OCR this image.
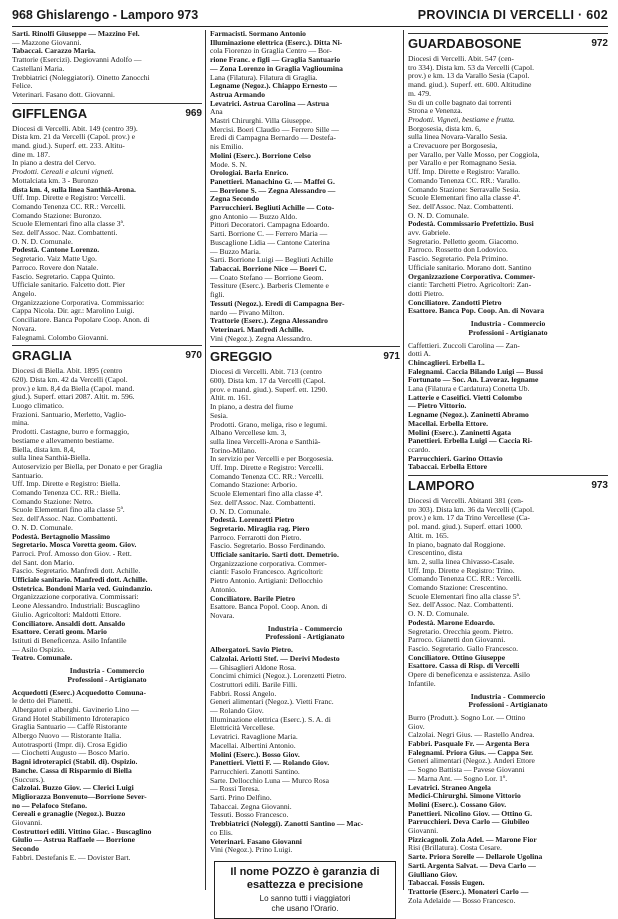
968 Ghislarengo - Lamporo 973	PROVINCIA DI VERCELLI · 602
Sarti. Rinolfi Giuseppe — Mazzino Fel.
— Mazzone Giovanni.
Tabaccai. Carazzo Maria.
Trattorie (Esercizi). Degiovanni Adolfo —
Castellani Maria.
Trebbiatrici (Noleggiatori). Oinetto Zanocchi
Felice.
Veterinari. Fasano dott. Giovanni.
GIFFLENGA	969
Diocesi di Vercelli. Abit. 149 (centro 39).
Dista km. 21 da Vercelli (Capol. prov.) e
mand. giud.). Superf. ett. 233. Altitu-
dine m. 187.
In piano a destra del Cervo.
Prodotti. Cereali e alcuni vigneti.
Mottalciata km. 3 - Buronzo
dista km. 4, sulla linea Santhià-Arona.
Uff. Imp. Dirette e Registro: Vercelli.
Comando Tenenza CC. RR.: Vercelli.
Comando Stazione: Buronzo.
Scuole Elementari fino alla classe 3ª.
Sez. dell'Assoc. Naz. Combattenti.
O. N. D. Comunale.
Podestà. Cantone Lorenzo.
Segretario. Vaiz Matte Ugo.
Parroco. Rovere don Natale.
Fascio. Segretario. Cappa Quinto.
Ufficiale sanitario. Falcetto dott. Pier
Angelo.
Organizzazione Corporativa. Commissario:
Cappa Nicola. Dir. agr.: Marolino Luigi.
Conciliatore. Banca Popolare Coop. Anon. di
Novara.
Falegnami. Colombo Giovanni.
GRAGLIA	970
Diocesi di Biella. Abit. 1895 (centro
620). Dista km. 42 da Vercelli (Capol.
prov.) e km. 8,4 da Biella (Capol. mand.
giud.). Superf. ettari 2087. Altit. m. 596.
Luogo climatico.
Frazioni. Santuario, Merletto, Vaglio-
mina.
Prodotti. Castagne, burro e formaggio,
bestiame e allevamento bestiame.
Biella, dista km. 8,4,
sulla linea Santhià-Biella.
Autoservizio per Biella, per Donato e per Graglia
Santuario.
Uff. Imp. Dirette e Registro: Biella.
Comando Tenenza CC. RR.: Biella.
Comando Stazione: Netro.
Scuole Elementari fino alla classe 5ª.
Sez. dell'Assoc. Naz. Combattenti.
O. N. D. Comunale.
Podestà. Bertagnolio Massimo
Segretario. Mosca Voretta geom. Giov.
Parroci. Prof. Amosso don Giov. - Rett.
del Sant. don Mario.
Fascio. Segretario. Manfredi dott. Achille.
Ufficiale sanitario. Manfredi dott. Achille.
Ostetrica. Bondoni Maria ved. Guindanzio.
Organizzazione corporativa. Commissari:
Leone Alessandro. Industriali: Buscaglino
Giulio. Agricoltori: Maldotti Ettore.
Conciliatore. Ansaldi dott. Ansaldo
Esattore. Cerati geom. Mario
Istituti di Beneficenza. Asilo Infantile
— Asilo Ospizio.
Teatro. Comunale.
Industria - Commercio
Professioni - Artigianato
Acquedotti (Eserc.) Acquedotto Comuna-
le detto dei Pianetti.
Albergatori e alberghi. Gavinerio Lino —
Grand Hotel Stabilimento Idroterapico
Graglia Santuario — Caffè Ristorante
Albergo Nuovo — Ristorante Italia.
Autotrasporti (Impr. di). Crosa Egidio
— Ciochetti Augusto — Bosco Mario.
Bagni idroterapici (Stabil. di). Ospizio.
Banche. Cassa di Risparmio di Biella
(Succurs.).
Calzolai. Buzzo Giov. — Clerici Luigi
Migliorazza Bonvenuto—Borrione Sever-
no — Pelafoco Stefano.
Cereali e granaglie (Negoz.). Buzzo
Giovanni.
Costruttori edili. Vittino Giac. - Buscaglino
Giulio — Astrua Raffaele — Borrione
Secondo
Fabbri. Destefanis E. — Dovister Bart.
Farmacisti. Sormano Antonio
Illuminazione elettrica (Eserc.). Ditta Ni-
cola Fiorenzo in Graglia Centro — Bor-
rione Franc. e figli — Graglia Santuario
— Zona Lorenzo in Graglia Vaglioumina
Lana (Filatura). Filatura di Graglia.
Legname (Negoz.). Chiappo Ernesto —
Astrua Armando
Levatrici. Astrua Carolina — Astrua
Ana
Mastri Chirurghi. Villa Giuseppe.
Mercisi. Boeri Claudio — Ferrero Sille —
Eredi di Campagna Bernardo — Destefa-
nis Emilio.
Molini (Eserc.). Borrione Celso
Mode. S. N.
Orologiai. Barla Enrico.
Panettieri. Manachino G. — Maffei G.
— Borrione S. — Zegna Alessandro —
Zegna Secondo
Parrucchieri. Begliuti Achille — Coto-
gno Antonio — Buzzo Aldo.
Pittori Decoratori. Campagna Edoardo.
Sarti. Borrione C. — Ferrero Maria —
Buscaglione Lidia — Cantone Caterina
— Buzzo Maria.
Sarti. Borrione Luigi — Begliuti Achille
Tabaccai. Borrione Nice — Boeri C.
— Coato Stefano — Borrione Geom.
Tessiture (Eserc.). Barberis Clemente e
figli.
Tessuti (Negoz.). Eredi di Campagna Ber-
nardo — Pivano Milton.
Trattorie (Eserc.). Zegna Alessandro
Veterinari. Manfredi Achille.
Vini (Negoz.). Zegna Alessandro.
GREGGIO	971
Diocesi di Vercelli. Abit. 713 (centro
600). Dista km. 17 da Vercelli (Capol.
prov. e mand. giud.). Superf. ett. 1290.
Altit. m. 161.
In piano, a destra del fiume
Sesia.
Prodotti. Grano, meliga, riso e legumi.
Albano Vercellese km. 3,
sulla linea Vercelli-Arona e Santhià-
Torino-Milano.
In servizio per Vercelli e per Borgosesia.
Uff. Imp. Dirette e Registro: Vercelli.
Comando Tenenza CC. RR.: Vercelli.
Comando Stazione: Arborio.
Scuole Elementari fino alla classe 4ª.
Sez. dell'Assoc. Naz. Combattenti.
O. N. D. Comunale.
Podestà. Lorenzetti Pietro
Segretario. Miraglia rag. Piero
Parroco. Ferrarotti don Pietro.
Fascio. Segretario. Bosso Ferdinando.
Ufficiale sanitario. Sarti dott. Demetrio.
Organizzazione corporativa. Commer-
cianti: Fasolo Francesco. Agricoltori:
Pietro Antonio. Artigiani: Dellocchio
Antonio.
Conciliatore. Barile Pietro
Esattore. Banca Popol. Coop. Anon. di
Novara.
Industria - Commercio
Professioni - Artigianato
Albergatori. Savio Pietro.
Calzolai. Ariotti Stef. — Derivi Modesto
— Ghisaglieri Aldone Rosa.
Concimi chimici (Negoz.). Lorenzetti Pietro.
Costruttori edili. Barile Filli.
Fabbri. Rossi Angelo.
Generi alimentari (Negoz.). Vietti Franc.
— Rolando Giov.
Illuminazione elettrica (Eserc.). S. A. di
Elettricità Vercellese.
Levatrici. Ravaglione Maria.
Macellai. Albertini Antonio.
Molini (Eserc.). Bosso Giov.
Panettieri. Vietti F. — Rolando Giov.
Parrucchieri. Zanotti Santino.
Sarte. Dellocchio Luna — Murco Rosa
— Rossi Teresa.
Sarti. Prino Delfino.
Tabaccai. Zegna Giovanni.
Tessuti. Bosso Francesco.
Trebbiatrici (Noleggi). Zanotti Santino — Mac-
co Elis.
Veterinari. Fasano Giovanni
Vini (Negoz.). Prino Luigi.
Il nome POZZO è garanzia di
esattezza e precisione
Lo sanno tutti i viaggiatori
che usano l'Orario.
GUARDABOSONE	972
Diocesi di Vercelli. Abit. 547 (cen-
tro 334). Dista km. 53 da Vercelli (Capol.
prov.) e km. 13 da Varallo Sesia (Capol.
mand. giud.). Superf. ett. 600. Altitudine
m. 479.
Su di un colle bagnato dai torrenti
Strona e Venenza.
Prodotti. Vigneti, bestiame e frutta.
Borgosesia, dista km. 6,
sulla linea Novara-Varallo Sesia.
a Crevacuore per Borgosesia,
per Varallo, per Valle Mosso, per Coggiola,
per Varallo e per Romagnano Sesia.
Uff. Imp. Dirette e Registro: Varallo.
Comando Tenenza CC. RR.: Varallo.
Comando Stazione: Serravalle Sesia.
Scuole Elementari fino alla classe 4ª.
Sez. dell'Assoc. Naz. Combattenti.
O. N. D. Comunale.
Podestà. Commissario Prefettizio. Busi
avv. Gabriele.
Segretario. Pelletto geom. Giacomo.
Parroco. Rossetto don Lodovico.
Fascio. Segretario. Pela Primino.
Ufficiale sanitario. Morano dott. Santino
Organizzazione Corporativa. Commer-
cianti: Tarchetti Pietro. Agricoltori: Zan-
dotti Pietro.
Conciliatore. Zandotti Pietro
Esattore. Banca Pop. Coop. An. di Novara
Industria - Commercio
Professioni - Artigianato
Caffettieri. Zuccoli Carolina — Zan-
dotti A.
Chincaglieri. Erbella L.
Falegnami. Caccia Bilando Luigi — Bussi
Fortunato — Soc. An. Lavoraz. legname
Lana (Filatura e Cardatura) Conetta Ub.
Latterie e Caseifici. Vietti Colombo
— Pietro Vittorio.
Legname (Negoz.). Zaninetti Abramo
Macellai. Erbella Ettore.
Molini (Eserc.). Zaninetti Agata
Panettieri. Erbella Luigi — Caccia Ri-
ccardo.
Parrucchieri. Garino Ottavio
Tabaccai. Erbella Ettore
LAMPORO	973
Diocesi di Vercelli. Abitanti 381 (cen-
tro 303). Dista km. 36 da Vercelli (Capol.
prov.) e km. 17 da Trino Vercellese (Ca-
pol. mand. giud.). Superf. ettari 1000.
Altit. m. 165.
In piano, bagnato dal Roggione.
Crescentino, dista
km. 2, sulla linea Chivasso-Casale.
Uff. Imp. Dirette e Registro: Trino.
Comando Tenenza CC. RR.: Vercelli.
Comando Stazione: Crescentino.
Scuole Elementari fino alla classe 5ª.
Sez. dell'Assoc. Naz. Combattenti.
O. N. D. Comunale.
Podestà. Marone Edoardo.
Segretario. Orecchia geom. Pietro.
Parroco. Gianetti don Giovanni.
Fascio. Segretario. Gallo Francesco.
Conciliatore. Ottino Giuseppe
Esattore. Cassa di Risp. di Vercelli
Opere di beneficenza e assistenza. Asilo
Infantile.
Industria - Commercio
Professioni - Artigianato
Burro (Produtt.). Sogno Lor. — Ottino
Giov.
Calzolai. Negri Gius. — Rastello Andrea.
Fabbri. Pasquale Fr. — Argenta Bera
Falegnami. Priora Gius. — Cappa Ser.
Generi alimentari (Negoz.). Anderi Ettore
— Sogno Battista — Pavese Giovanni
— Marna Ant. — Sogno Lor. 1º.
Levatrici. Straneo Angela
Medici-Chirurghi. Simone Vittorio
Molini (Eserc.). Cossano Giov.
Panettieri. Nicolino Giov. — Ottino G.
Parrucchieri. Deva Carlo — Giubileo
Giovanni.
Pizzicagnoli. Zola Adel. — Marone Fior
Risi (Brillatura). Costa Cesare.
Sarte. Priora Sorelle — Dellarole Ugolina
Sarti. Argenta Salvat. — Deva Carlo —
Giulliano Giov.
Tabaccai. Fossis Eugen.
Trattorie (Eserc.). Monateri Carlo —
Zola Adelaide — Bosso Francesco.
